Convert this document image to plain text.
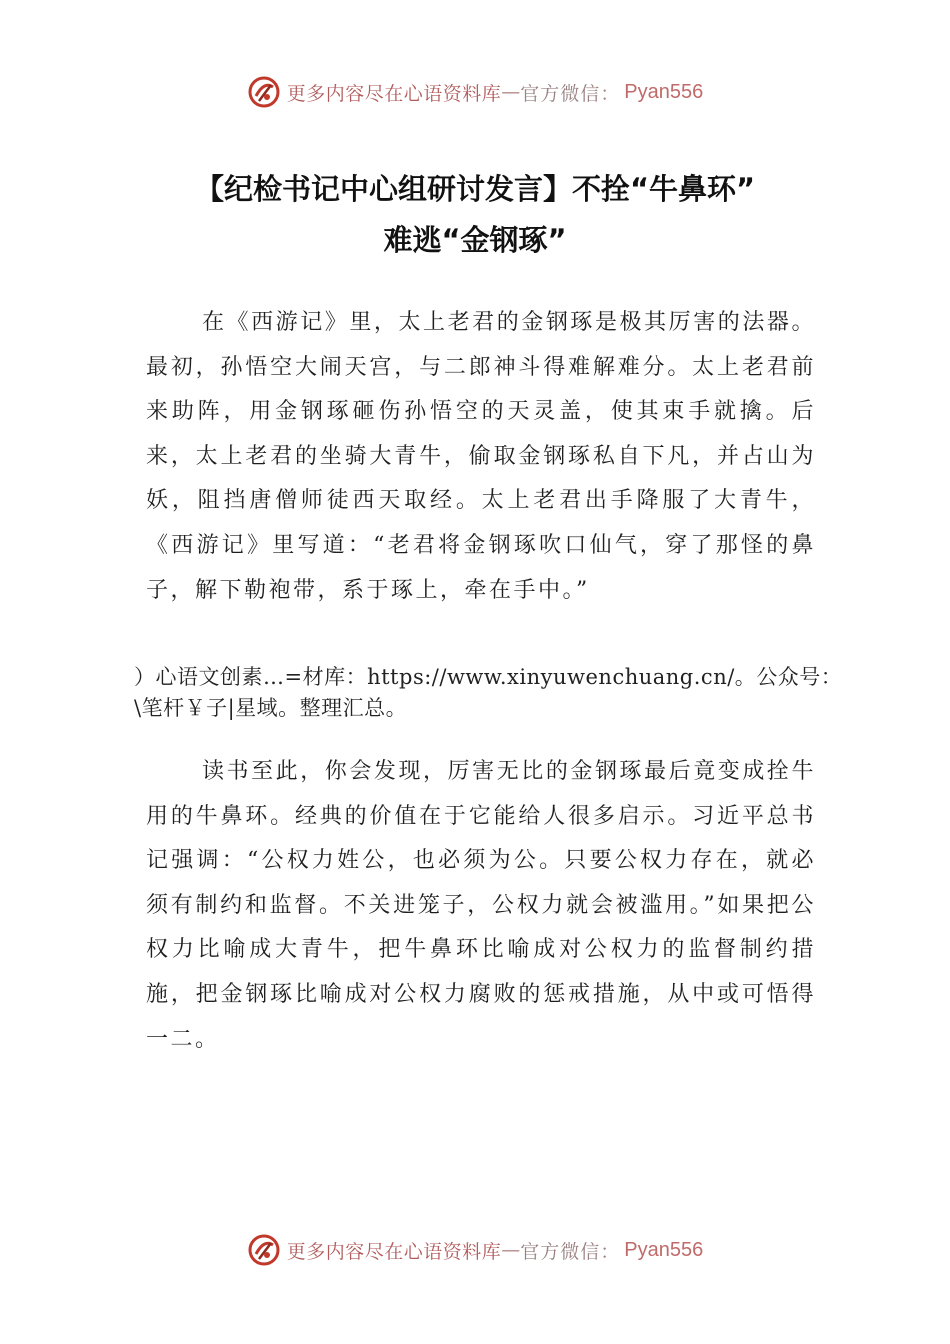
更多内容尽在心语资料库 — 官方微信： Pyan556
【纪检书记中心组研讨发言】不拴“牛鼻环”
难逃“金钢琢”

在《西游记》里，太上老君的金钢琢是极其厉害的法器。最初，孙悟空大闹天宫，与二郎神斗得难解难分。太上老君前来助阵，用金钢琢砸伤孙悟空的天灵盖，使其束手就擒。后来，太上老君的坐骑大青牛，偷取金钢琢私自下凡，并占山为妖，阻挡唐僧师徒西天取经。太上老君出手降服了大青牛，《西游记》里写道：“老君将金钢琢吹口仙气，穿了那怪的鼻子，解下勒袍带，系于琢上，牵在手中。”

）心语文创素…=材库：https://www.xinyuwenchuang.cn/。公众号：\笔杆￥子|星域。整理汇总。

读书至此，你会发现，厉害无比的金钢琢最后竟变成拴牛用的牛鼻环。经典的价值在于它能给人很多启示。习近平总书记强调：“公权力姓公，也必须为公。只要公权力存在，就必须有制约和监督。不关进笼子，公权力就会被滥用。”如果把公权力比喻成大青牛，把牛鼻环比喻成对公权力的监督制约措施，把金钢琢比喻成对公权力腐败的惩戒措施，从中或可悟得一二。

更多内容尽在心语资料库 — 官方微信： Pyan556
